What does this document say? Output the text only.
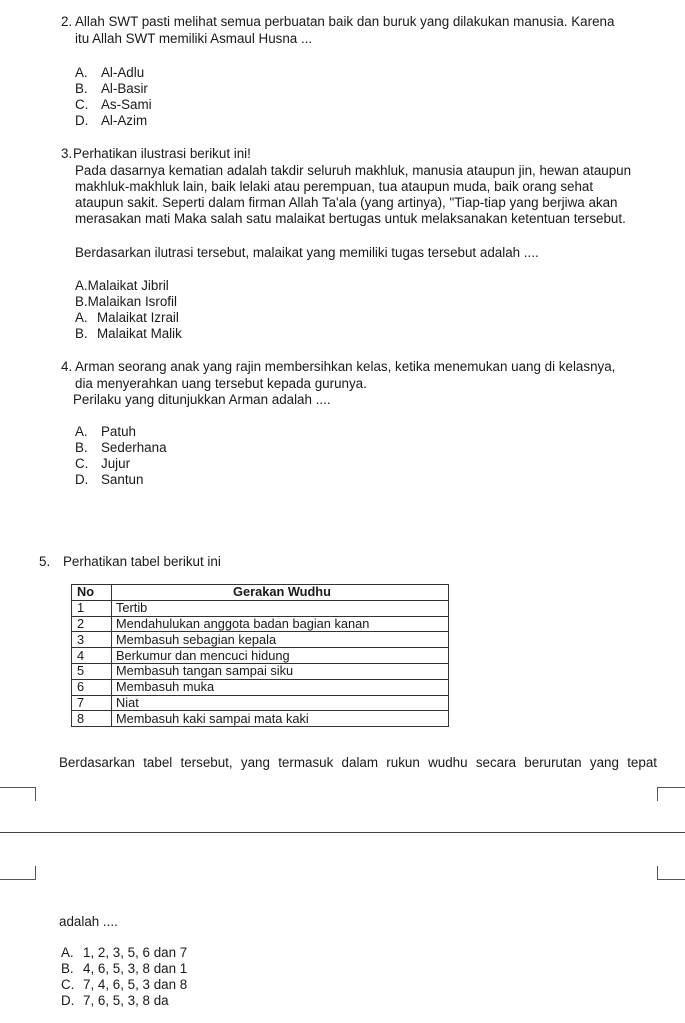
2. Allah SWT pasti melihat semua perbuatan baik dan buruk yang dilakukan manusia. Karena
itu Allah SWT memiliki Asmaul Husna ...
A. Al-Adlu
B. Al-Basir
C. As-Sami
D. Al-Azim
3. Perhatikan ilustrasi berikut ini!
Pada dasarnya kematian adalah takdir seluruh makhluk, manusia ataupun jin, hewan ataupun
makhluk-makhluk lain, baik lelaki atau perempuan, tua ataupun muda, baik orang sehat
ataupun sakit. Seperti dalam firman Allah Ta'ala (yang artinya), "Tiap-tiap yang berjiwa akan
merasakan mati Maka salah satu malaikat bertugas untuk melaksanakan ketentuan tersebut.
Berdasarkan ilutrasi tersebut, malaikat yang memiliki tugas tersebut adalah ....
A.Malaikat Jibril
B.Malaikan Isrofil
A. Malaikat Izrail
B. Malaikat Malik
4. Arman seorang anak yang rajin membersihkan kelas, ketika menemukan uang di kelasnya,
dia menyerahkan uang tersebut kepada gurunya.
Perilaku yang ditunjukkan Arman adalah ....
A. Patuh
B. Sederhana
C. Jujur
D. Santun
5. Perhatikan tabel berikut ini
No	Gerakan Wudhu
1	Tertib
2	Mendahulukan anggota badan bagian kanan
3	Membasuh sebagian kepala
4	Berkumur dan mencuci hidung
5	Membasuh tangan sampai siku
6	Membasuh muka
7	Niat
8	Membasuh kaki sampai mata kaki
Berdasarkan tabel tersebut, yang termasuk dalam rukun wudhu secara berurutan yang tepat
adalah ....
A. 1, 2, 3, 5, 6 dan 7
B. 4, 6, 5, 3, 8 dan 1
C. 7, 4, 6, 5, 3 dan 8
D. 7, 6, 5, 3, 8 da
